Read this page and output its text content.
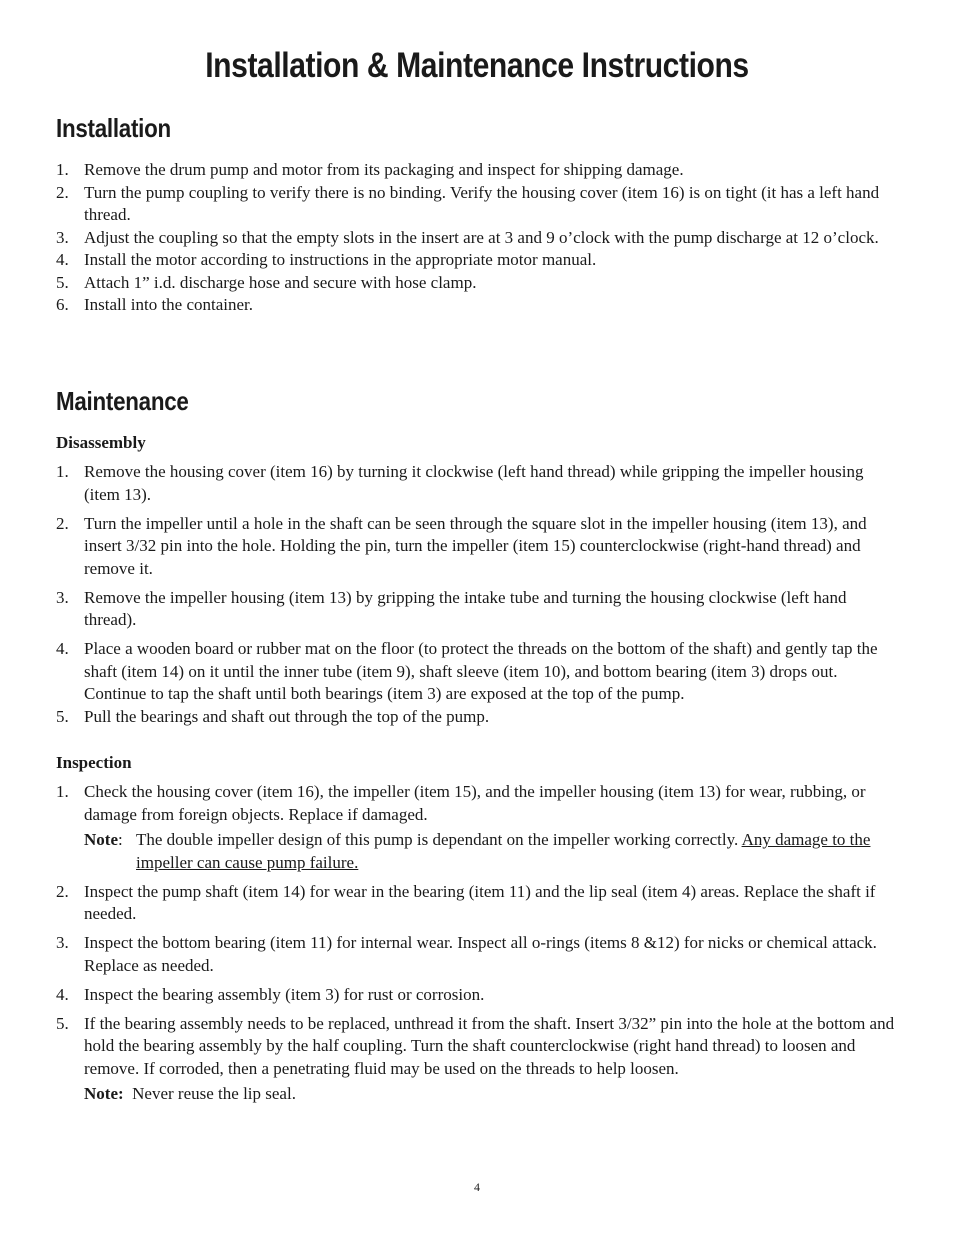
Installation & Maintenance Instructions
Installation
1. Remove the drum pump and motor from its packaging and inspect for shipping damage.
2. Turn the pump coupling to verify there is no binding. Verify the housing cover (item 16) is on tight (it has a left hand thread.
3. Adjust the coupling so that the empty slots in the insert are at 3 and 9 o’clock with the pump discharge at 12 o’clock.
4. Install the motor according to instructions in the appropriate motor manual.
5. Attach 1” i.d. discharge hose and secure with hose clamp.
6. Install into the container.
Maintenance
Disassembly
1. Remove the housing cover (item 16) by turning it clockwise (left hand thread) while gripping the impeller housing (item 13).
2. Turn the impeller until a hole in the shaft can be seen through the square slot in the impeller housing (item 13), and insert 3/32 pin into the hole. Holding the pin, turn the impeller (item 15) counterclockwise (right-hand thread) and remove it.
3. Remove the impeller housing (item 13) by gripping the intake tube and turning the housing clockwise (left hand thread).
4. Place a wooden board or rubber mat on the floor (to protect the threads on the bottom of the shaft) and gently tap the shaft (item 14) on it until the inner tube (item 9), shaft sleeve (item 10), and bottom bearing (item 3) drops out. Continue to tap the shaft until both bearings (item 3) are exposed at the top of the pump.
5. Pull the bearings and shaft out through the top of the pump.
Inspection
1. Check the housing cover (item 16), the impeller (item 15), and the impeller housing (item 13) for wear, rubbing, or damage from foreign objects. Replace if damaged.
Note: The double impeller design of this pump is dependant on the impeller working correctly. Any damage to the impeller can cause pump failure.
2. Inspect the pump shaft (item 14) for wear in the bearing (item 11) and the lip seal (item 4) areas. Replace the shaft if needed.
3. Inspect the bottom bearing (item 11) for internal wear. Inspect all o-rings (items 8 &12) for nicks or chemical attack. Replace as needed.
4. Inspect the bearing assembly (item 3) for rust or corrosion.
5. If the bearing assembly needs to be replaced, unthread it from the shaft. Insert 3/32” pin into the hole at the bottom and hold the bearing assembly by the half coupling. Turn the shaft counterclockwise (right hand thread) to loosen and remove. If corroded, then a penetrating fluid may be used on the threads to help loosen.
Note: Never reuse the lip seal.
4
